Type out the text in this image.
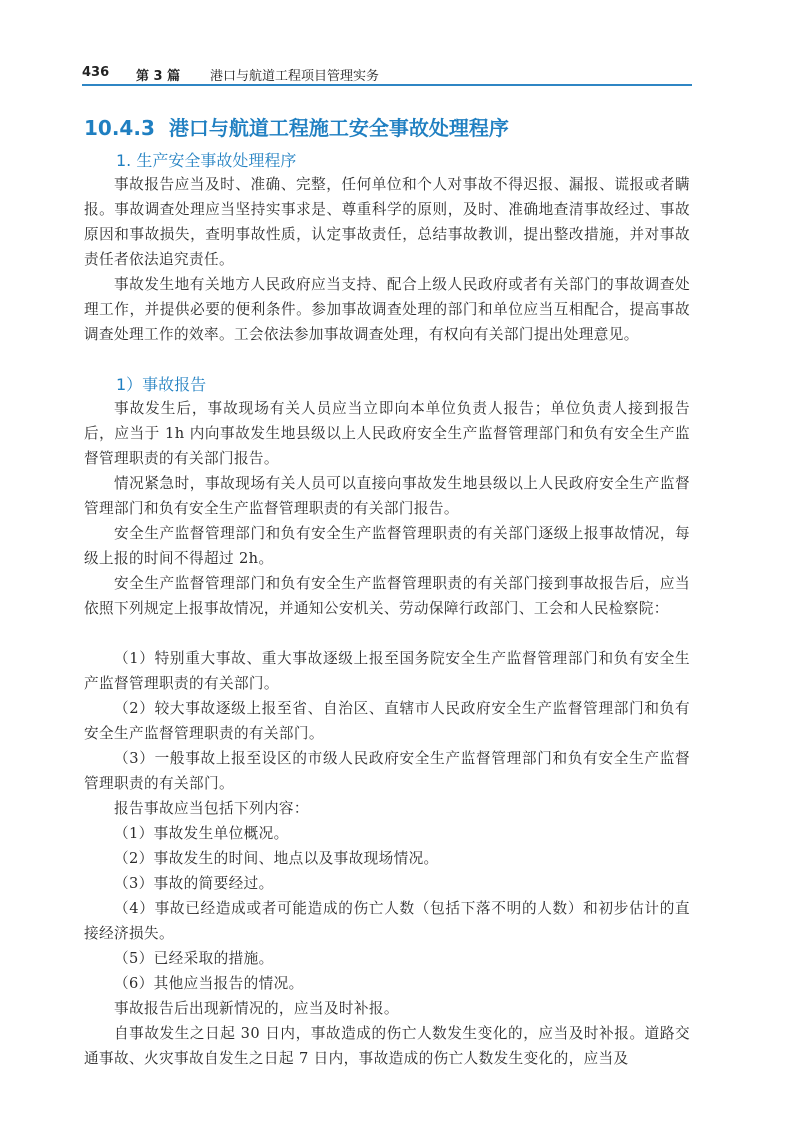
436 第 3 篇 港口与航道工程项目管理实务
10.4.3 港口与航道工程施工安全事故处理程序
1. 生产安全事故处理程序
事故报告应当及时、准确、完整，任何单位和个人对事故不得迟报、漏报、谎报或者瞒报。事故调查处理应当坚持实事求是、尊重科学的原则，及时、准确地查清事故经过、事故原因和事故损失，查明事故性质，认定事故责任，总结事故教训，提出整改措施，并对事故责任者依法追究责任。
事故发生地有关地方人民政府应当支持、配合上级人民政府或者有关部门的事故调查处理工作，并提供必要的便利条件。参加事故调查处理的部门和单位应当互相配合，提高事故调查处理工作的效率。工会依法参加事故调查处理，有权向有关部门提出处理意见。
1）事故报告
事故发生后，事故现场有关人员应当立即向本单位负责人报告；单位负责人接到报告后，应当于 1h 内向事故发生地县级以上人民政府安全生产监督管理部门和负有安全生产监督管理职责的有关部门报告。
情况紧急时，事故现场有关人员可以直接向事故发生地县级以上人民政府安全生产监督管理部门和负有安全生产监督管理职责的有关部门报告。
安全生产监督管理部门和负有安全生产监督管理职责的有关部门逐级上报事故情况，每级上报的时间不得超过 2h。
安全生产监督管理部门和负有安全生产监督管理职责的有关部门接到事故报告后，应当依照下列规定上报事故情况，并通知公安机关、劳动保障行政部门、工会和人民检察院：
（1）特别重大事故、重大事故逐级上报至国务院安全生产监督管理部门和负有安全生产监督管理职责的有关部门。
（2）较大事故逐级上报至省、自治区、直辖市人民政府安全生产监督管理部门和负有安全生产监督管理职责的有关部门。
（3）一般事故上报至设区的市级人民政府安全生产监督管理部门和负有安全生产监督管理职责的有关部门。
报告事故应当包括下列内容：
（1）事故发生单位概况。
（2）事故发生的时间、地点以及事故现场情况。
（3）事故的简要经过。
（4）事故已经造成或者可能造成的伤亡人数（包括下落不明的人数）和初步估计的直接经济损失。
（5）已经采取的措施。
（6）其他应当报告的情况。
事故报告后出现新情况的，应当及时补报。
自事故发生之日起 30 日内，事故造成的伤亡人数发生变化的，应当及时补报。道路交通事故、火灾事故自发生之日起 7 日内，事故造成的伤亡人数发生变化的，应当及
